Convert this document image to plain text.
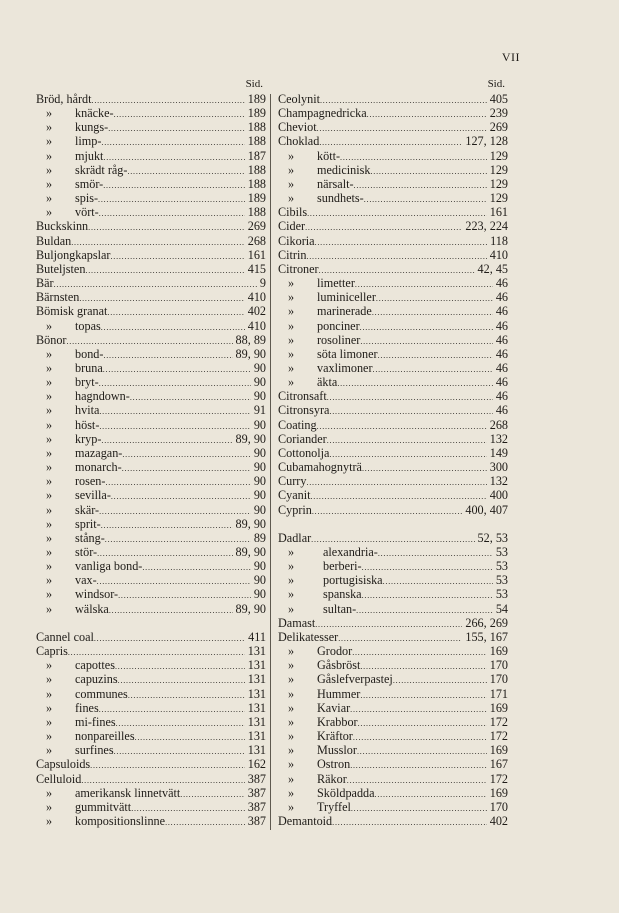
VII
Sid.
Bröd, hårdt . . .	189
» knäcke- . . .	189
» kungs- . . .	188
» limp- . . .	188
» mjukt . . .	187
» skrädt råg- . . .	188
» smör- . . .	188
» spis- . . .	189
» vört- . . .	188
Buckskinn . . .	269
Buldan . . .	268
Buljongkapslar . . .	161
Buteljsten . . .	415
Bär . . .	9
Bärnsten . . .	410
Bömisk granat . . .	402
» topas . . .	410
Bönor . . .	88, 89
» bond- . . .	89, 90
» bruna . . .	90
» bryt- . . .	90
» hagndown- . . .	90
» hvita . . .	91
» höst- . . .	90
» kryp- . . .	89, 90
» mazagan- . . .	90
» monarch- . . .	90
» rosen- . . .	90
» sevilla- . . .	90
» skär- . . .	90
» sprit- . . .	89, 90
» stång- . . .	89
» stör- . . .	89, 90
» vanliga bond- . . .	90
» vax- . . .	90
» windsor- . . .	90
» wälska . . .	89, 90
Cannel coal . . .	411
Capris . . .	131
» capottes . . .	131
» capuzins . . .	131
» communes . . .	131
» fines . . .	131
» mi-fines . . .	131
» nonpareilles . . .	131
» surfines . . .	131
Capsuloids . . .	162
Celluloid . . .	387
» amerikansk linnetvätt . . .	387
» gummitvätt . . .	387
» kompositionslinne . . .	387
Sid.
Ceolynit . . .	405
Champagnedricka . . .	239
Cheviot . . .	269
Choklad . . .	127, 128
» kött- . . .	129
» medicinisk . . .	129
» närsalt- . . .	129
» sundhets- . . .	129
Cibils . . .	161
Cider . . .	223, 224
Cikoria . . .	118
Citrin . . .	410
Citroner . . .	42, 45
» limetter . . .	46
» luminiceller . . .	46
» marinerade . . .	46
» ponciner . . .	46
» rosoliner . . .	46
» söta limoner . . .	46
» vaxlimoner . . .	46
» äkta . . .	46
Citronsaft . . .	46
Citronsyra . . .	46
Coating . . .	268
Coriander . . .	132
Cottonolja . . .	149
Cubamahognyträ . . .	300
Curry . . .	132
Cyanit . . .	400
Cyprin . . .	400, 407
Dadlar . . .	52, 53
» alexandria- . . .	53
» berberi- . . .	53
» portugisiska . . .	53
» spanska . . .	53
» sultan- . . .	54
Damast . . .	266, 269
Delikatesser . . .	155, 167
» Grodor . . .	169
» Gåsbröst . . .	170
» Gåslefverpastej . . .	170
» Hummer . . .	171
» Kaviar . . .	169
» Krabbor . . .	172
» Kräftor . . .	172
» Musslor . . .	169
» Ostron . . .	167
» Räkor . . .	172
» Sköldpadda . . .	169
» Tryffel . . .	170
Demantoid . . .	402
